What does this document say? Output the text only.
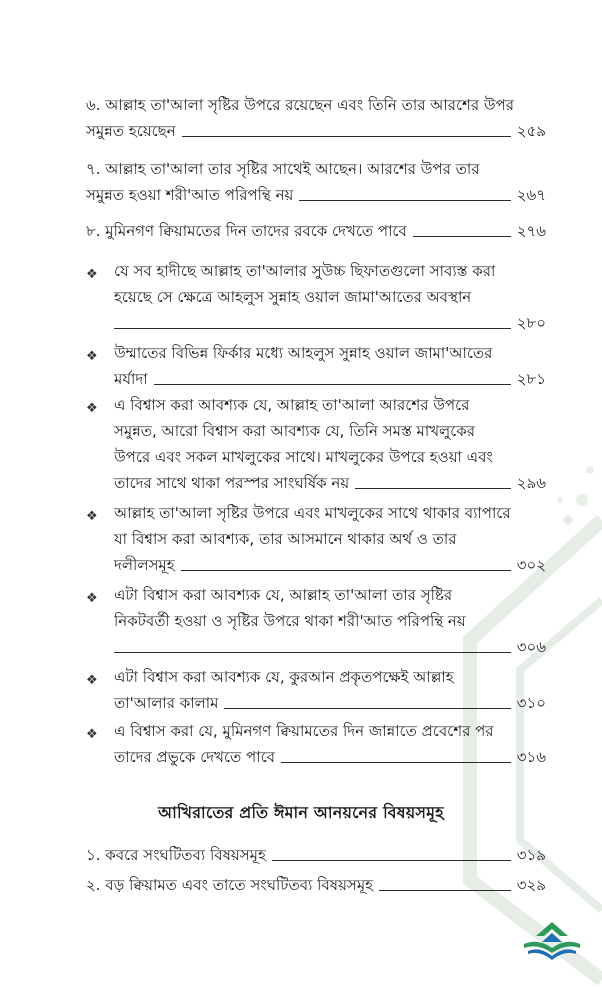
৬. আল্লাহ তা'আলা সৃষ্টির উপরে রয়েছেন এবং তিনি তার আরশের উপর
সমুন্নত হয়েছেন	২৫৯
৭. আল্লাহ তা'আলা তার সৃষ্টির সাথেই আছেন। আরশের উপর তার
সমুন্নত হওয়া শরী'আত পরিপন্থি নয়	২৬৭
৮. মুমিনগণ ক্বিয়ামতের দিন তাদের রবকে দেখতে পাবে	২৭৬
❖ যে সব হাদীছে আল্লাহ তা'আলার সুউচ্চ ছিফাতগুলো সাব্যস্ত করা
হয়েছে সে ক্ষেত্রে আহলুস সুন্নাহ ওয়াল জামা'আতের অবস্থান
২৮০
❖ উম্মাতের বিভিন্ন ফির্কার মধ্যে আহলুস সুন্নাহ ওয়াল জামা'আতের
মর্যাদা	২৮১
❖ এ বিশ্বাস করা আবশ্যক যে, আল্লাহ তা'আলা আরশের উপরে
সমুন্নত, আরো বিশ্বাস করা আবশ্যক যে, তিনি সমস্ত মাখলুকের
উপরে এবং সকল মাখলুকের সাথে। মাখলুকের উপরে হওয়া এবং
তাদের সাথে থাকা পরস্পর সাংঘর্ষিক নয়	২৯৬
❖ আল্লাহ তা'আলা সৃষ্টির উপরে এবং মাখলুকের সাথে থাকার ব্যাপারে
যা বিশ্বাস করা আবশ্যক, তার আসমানে থাকার অর্থ ও তার
দলীলসমূহ	৩০২
❖ এটা বিশ্বাস করা আবশ্যক যে, আল্লাহ তা'আলা তার সৃষ্টির
নিকটবর্তী হওয়া ও সৃষ্টির উপরে থাকা শরী'আত পরিপন্থি নয়
৩০৬
❖ এটা বিশ্বাস করা আবশ্যক যে, কুরআন প্রকৃতপক্ষেই আল্লাহ
তা'আলার কালাম	৩১০
❖ এ বিশ্বাস করা যে, মুমিনগণ ক্বিয়ামতের দিন জান্নাতে প্রবেশের পর
তাদের প্রভুকে দেখতে পাবে	৩১৬
১. কবরে সংঘটিতব্য বিষয়সমূহ	৩১৯
২. বড় ক্বিয়ামত এবং তাতে সংঘটিতব্য বিষয়সমূহ	৩২৯
আখিরাতের প্রতি ঈমান আনয়নের বিষয়সমূহ
